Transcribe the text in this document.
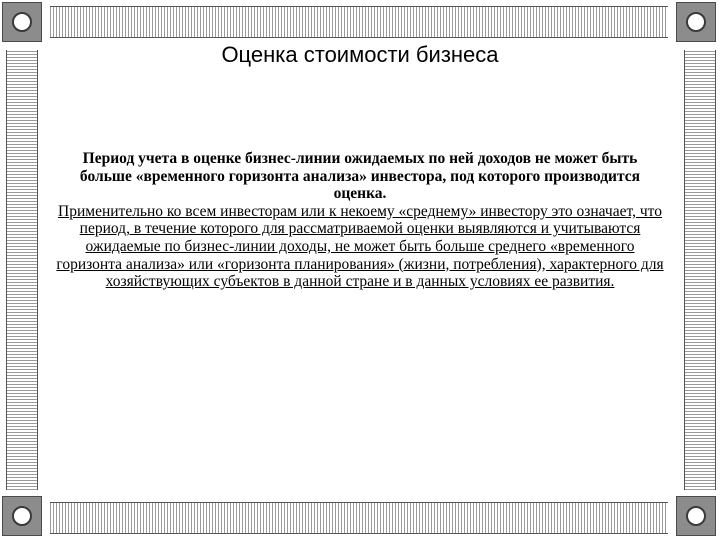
Оценка стоимости бизнеса

Период учета в оценке бизнес-линии ожидаемых по ней доходов не может быть больше «временного горизонта анализа» инвестора, под которого производится оценка.

Применительно ко всем инвесторам или к некоему «среднему» инвестору это означает, что период, в течение которого для рассматриваемой оценки выявляются и учитываются ожидаемые по бизнес-линии доходы, не может быть больше среднего «временного горизонта анализа» или «горизонта планирования» (жизни, потребления), характерного для хозяйствующих субъектов в данной стране и в данных условиях ее развития.
